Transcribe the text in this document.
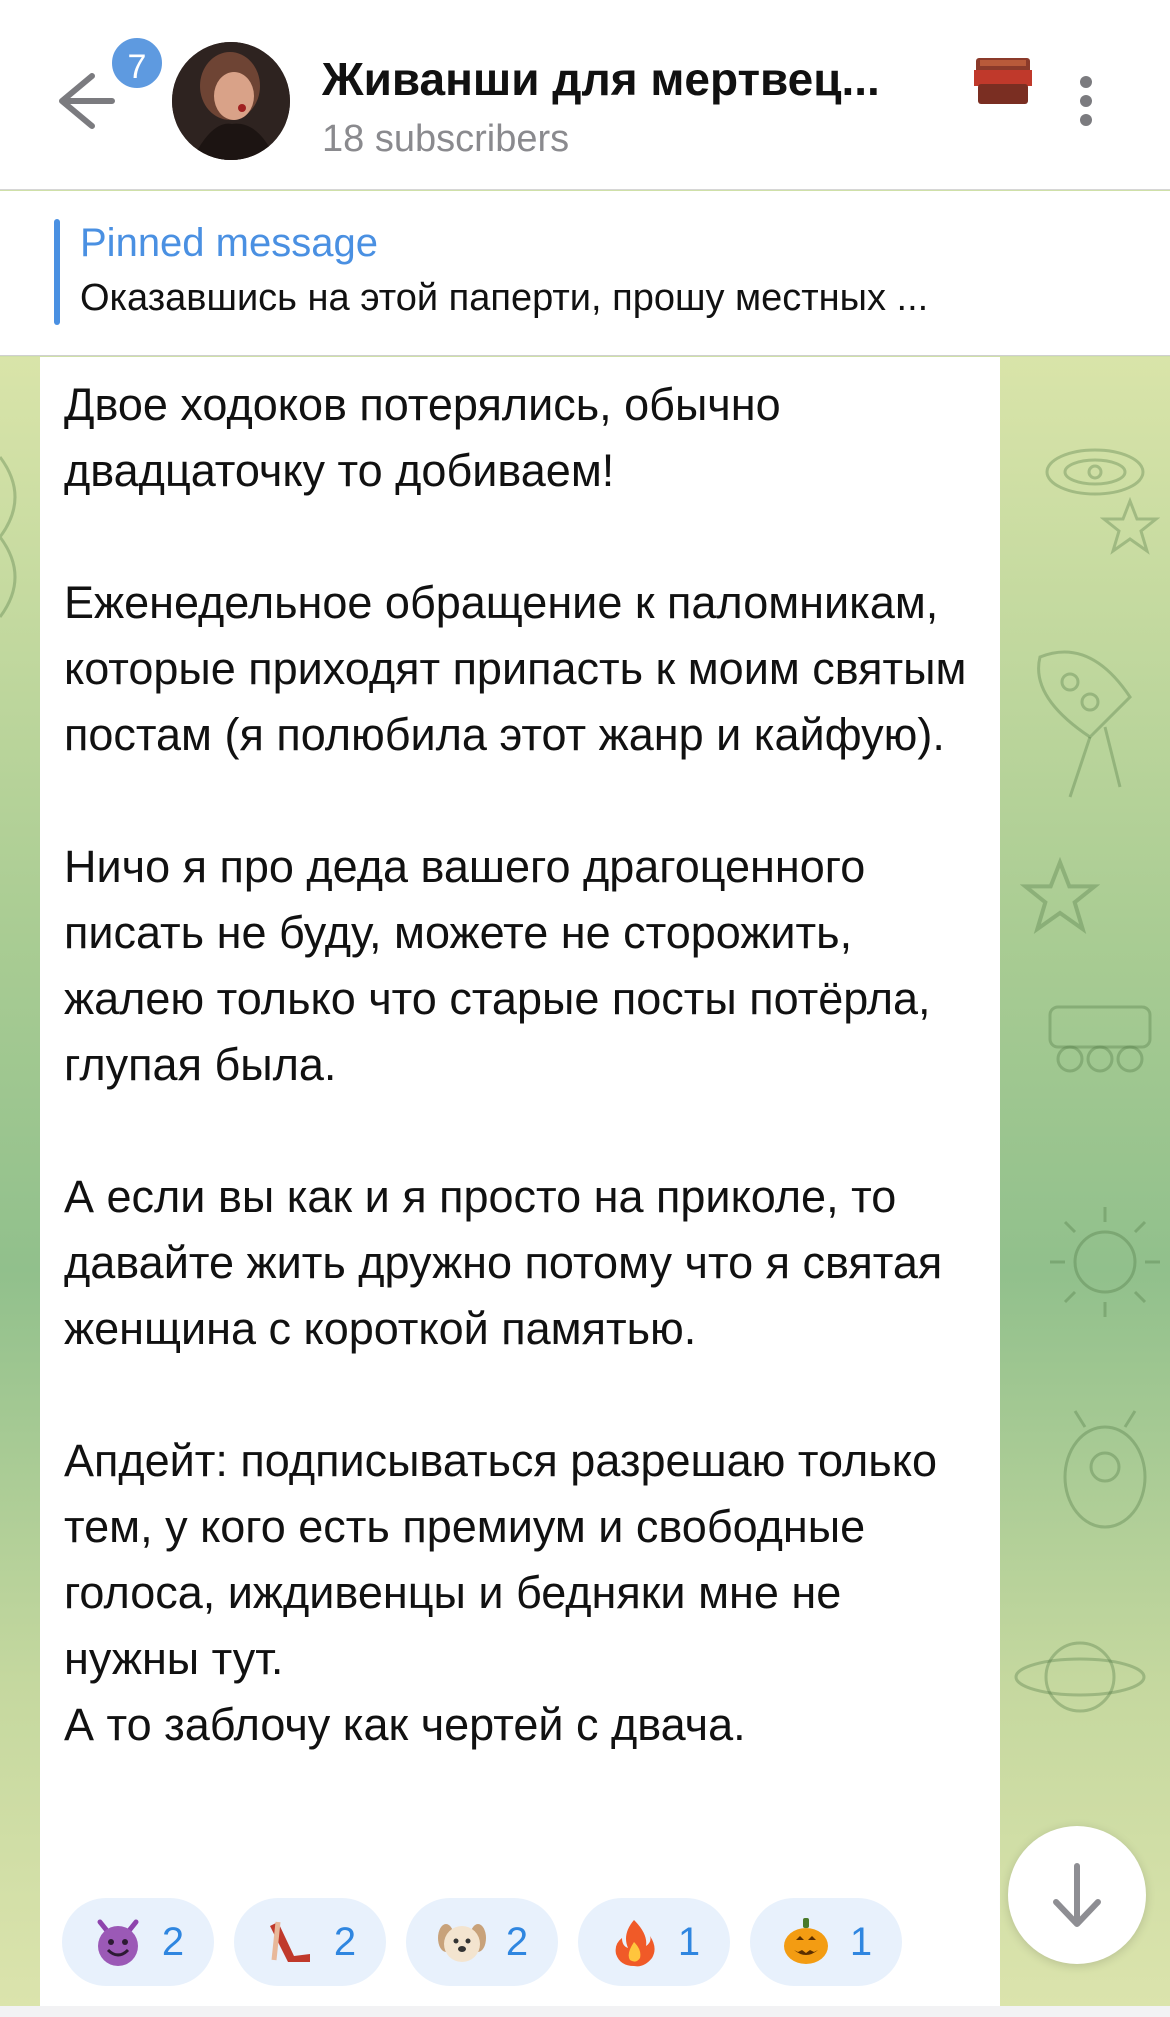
7	Живанши для мертвец...
18 subscribers
Pinned message
Оказавшись на этой паперти, прошу местных ...
Двое ходоков потерялись, обычно двадцаточку то добиваем!

Еженедельное обращение к паломникам, которые приходят припасть к моим святым постам (я полюбила этот жанр и кайфую).

Ничо я про деда вашего драгоценного писать не буду, можете не сторожить, жалею только что старые посты потёрла, глупая была.

А если вы как и я просто на приколе, то давайте жить дружно потому что я святая женщина с короткой памятью.

Апдейт: подписываться разрешаю только тем, у кого есть премиум и свободные голоса, иждивенцы и бедняки мне не нужны тут.
А то заблочу как чертей с двача.
2	2	2	1	1
